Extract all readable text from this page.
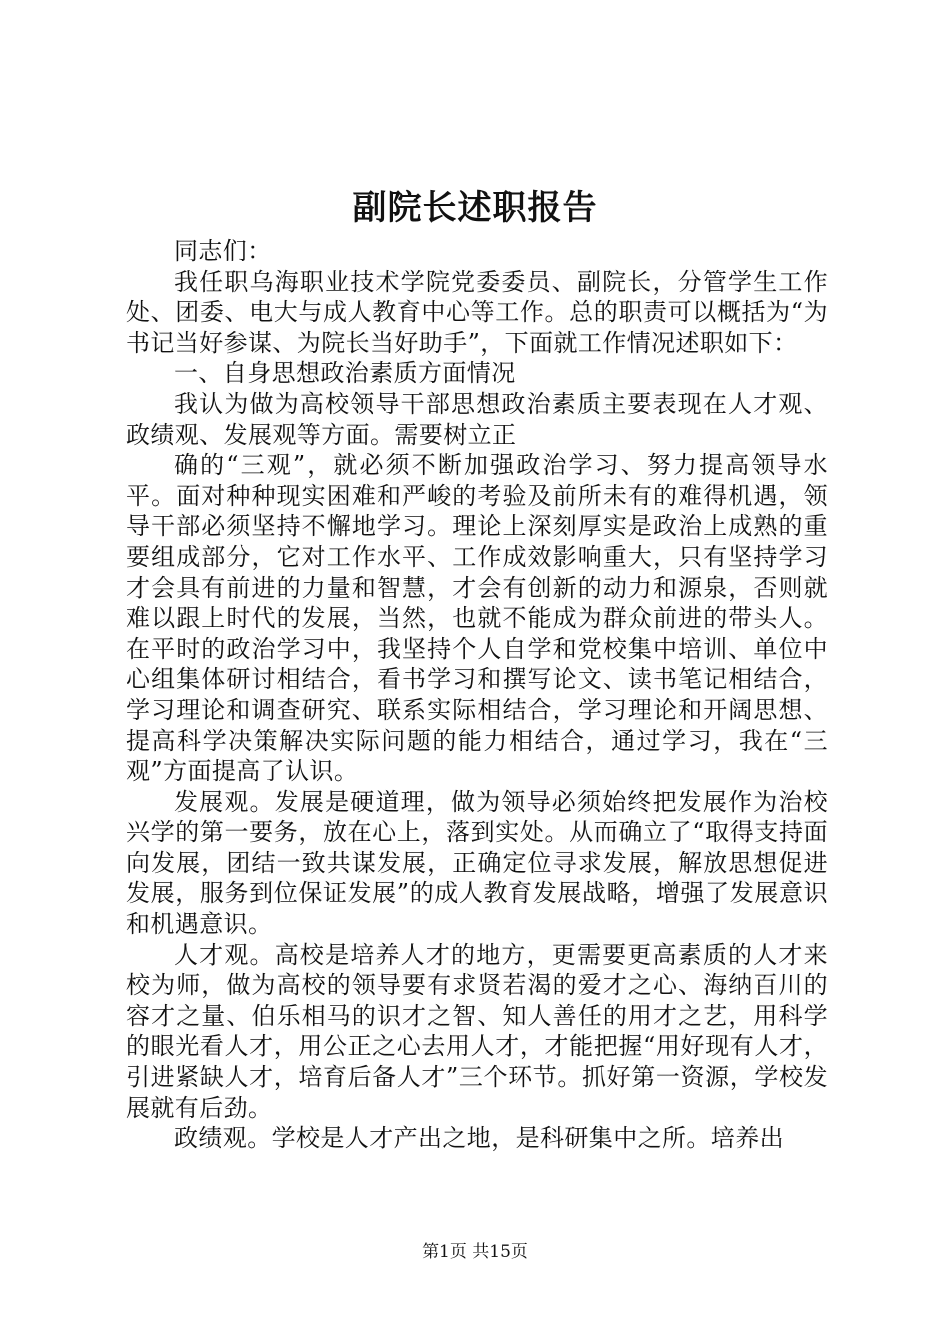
副院长述职报告

同志们：

我任职乌海职业技术学院党委委员、副院长，分管学生工作处、团委、电大与成人教育中心等工作。总的职责可以概括为“为书记当好参谋、为院长当好助手”，下面就工作情况述职如下：

一、自身思想政治素质方面情况

我认为做为高校领导干部思想政治素质主要表现在人才观、政绩观、发展观等方面。需要树立正

确的“三观”，就必须不断加强政治学习、努力提高领导水平。面对种种现实困难和严峻的考验及前所未有的难得机遇，领导干部必须坚持不懈地学习。理论上深刻厚实是政治上成熟的重要组成部分，它对工作水平、工作成效影响重大，只有坚持学习才会具有前进的力量和智慧，才会有创新的动力和源泉，否则就难以跟上时代的发展，当然，也就不能成为群众前进的带头人。在平时的政治学习中，我坚持个人自学和党校集中培训、单位中心组集体研讨相结合，看书学习和撰写论文、读书笔记相结合，学习理论和调查研究、联系实际相结合，学习理论和开阔思想、提高科学决策解决实际问题的能力相结合，通过学习，我在“三观”方面提高了认识。

发展观。发展是硬道理，做为领导必须始终把发展作为治校兴学的第一要务，放在心上，落到实处。从而确立了“取得支持面向发展，团结一致共谋发展，正确定位寻求发展，解放思想促进发展，服务到位保证发展”的成人教育发展战略，增强了发展意识和机遇意识。

人才观。高校是培养人才的地方，更需要更高素质的人才来校为师，做为高校的领导要有求贤若渴的爱才之心、海纳百川的容才之量、伯乐相马的识才之智、知人善任的用才之艺，用科学的眼光看人才，用公正之心去用人才，才能把握“用好现有人才，引进紧缺人才，培育后备人才”三个环节。抓好第一资源，学校发展就有后劲。

政绩观。学校是人才产出之地，是科研集中之所。培养出

第1页 共15页
